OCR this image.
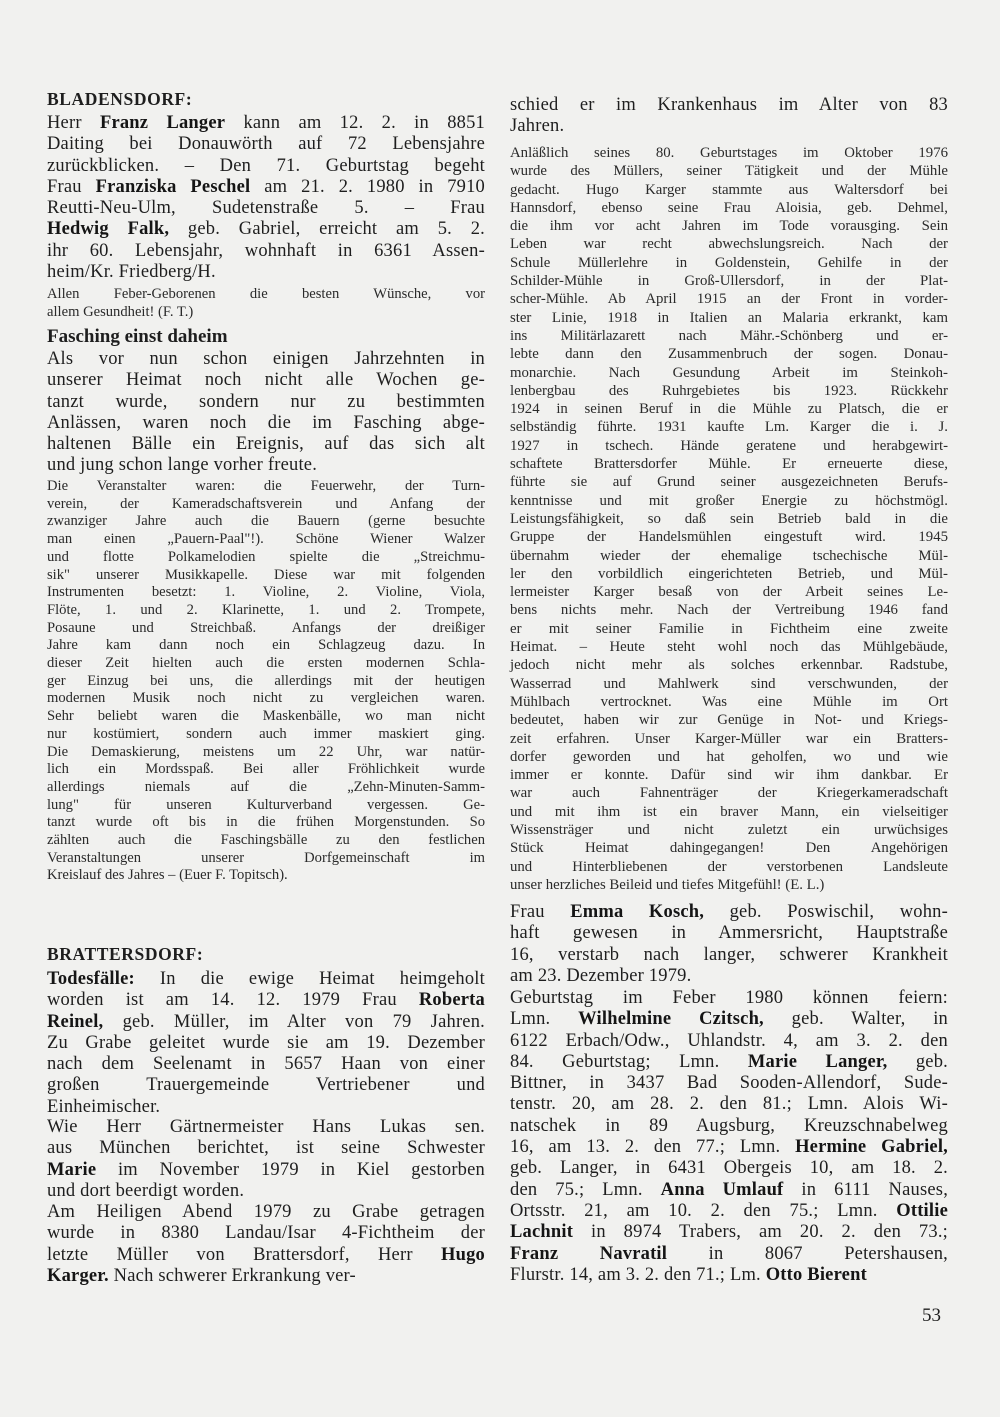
BLADENSDORF:
Herr Franz Langer kann am 12. 2. in 8851
Daiting bei Donauwörth auf 72 Lebensjahre
zurückblicken. – Den 71. Geburtstag begeht
Frau Franziska Peschel am 21. 2. 1980 in 7910
Reutti-Neu-Ulm, Sudetenstraße 5. – Frau
Hedwig Falk, geb. Gabriel, erreicht am 5. 2.
ihr 60. Lebensjahr, wohnhaft in 6361 Assen-
heim/Kr. Friedberg/H.
Allen Feber-Geborenen die besten Wünsche, vor
allem Gesundheit! (F. T.)
Fasching einst daheim
Als vor nun schon einigen Jahrzehnten in
unserer Heimat noch nicht alle Wochen ge-
tanzt wurde, sondern nur zu bestimmten
Anlässen, waren noch die im Fasching abge-
haltenen Bälle ein Ereignis, auf das sich alt
und jung schon lange vorher freute.
Die Veranstalter waren: die Feuerwehr, der Turn-
verein, der Kameradschaftsverein und Anfang der
zwanziger Jahre auch die Bauern (gerne besuchte
man einen „Pauern-Paal"!). Schöne Wiener Walzer
und flotte Polkamelodien spielte die „Streichmu-
sik" unserer Musikkapelle. Diese war mit folgenden
Instrumenten besetzt: 1. Violine, 2. Violine, Viola,
Flöte, 1. und 2. Klarinette, 1. und 2. Trompete,
Posaune und Streichbaß. Anfangs der dreißiger
Jahre kam dann noch ein Schlagzeug dazu. In
dieser Zeit hielten auch die ersten modernen Schla-
ger Einzug bei uns, die allerdings mit der heutigen
modernen Musik noch nicht zu vergleichen waren.
Sehr beliebt waren die Maskenbälle, wo man nicht
nur kostümiert, sondern auch immer maskiert ging.
Die Demaskierung, meistens um 22 Uhr, war natür-
lich ein Mordsspaß. Bei aller Fröhlichkeit wurde
allerdings niemals auf die „Zehn-Minuten-Samm-
lung" für unseren Kulturverband vergessen. Ge-
tanzt wurde oft bis in die frühen Morgenstunden. So
zählten auch die Faschingsbälle zu den festlichen
Veranstaltungen unserer Dorfgemeinschaft im
Kreislauf des Jahres – (Euer F. Topitsch).
BRATTERSDORF:
Todesfälle: In die ewige Heimat heimgeholt
worden ist am 14. 12. 1979 Frau Roberta
Reinel, geb. Müller, im Alter von 79 Jahren.
Zu Grabe geleitet wurde sie am 19. Dezember
nach dem Seelenamt in 5657 Haan von einer
großen Trauergemeinde Vertriebener und
Einheimischer.
Wie Herr Gärtnermeister Hans Lukas sen.
aus München berichtet, ist seine Schwester
Marie im November 1979 in Kiel gestorben
und dort beerdigt worden.
Am Heiligen Abend 1979 zu Grabe getragen
wurde in 8380 Landau/Isar 4-Fichtheim der
letzte Müller von Brattersdorf, Herr Hugo
Karger. Nach schwerer Erkrankung ver-
schied er im Krankenhaus im Alter von 83
Jahren.
Anläßlich seines 80. Geburtstages im Oktober 1976
wurde des Müllers, seiner Tätigkeit und der Mühle
gedacht. Hugo Karger stammte aus Waltersdorf bei
Hannsdorf, ebenso seine Frau Aloisia, geb. Dehmel,
die ihm vor acht Jahren im Tode vorausging. Sein
Leben war recht abwechslungsreich. Nach der
Schule Müllerlehre in Goldenstein, Gehilfe in der
Schilder-Mühle in Groß-Ullersdorf, in der Plat-
scher-Mühle. Ab April 1915 an der Front in vorder-
ster Linie, 1918 in Italien an Malaria erkrankt, kam
ins Militärlazarett nach Mähr.-Schönberg und er-
lebte dann den Zusammenbruch der sogen. Donau-
monarchie. Nach Gesundung Arbeit im Steinkoh-
lenbergbau des Ruhrgebietes bis 1923. Rückkehr
1924 in seinen Beruf in die Mühle zu Platsch, die er
selbständig führte. 1931 kaufte Lm. Karger die i. J.
1927 in tschech. Hände geratene und herabgewirt-
schaftete Brattersdorfer Mühle. Er erneuerte diese,
führte sie auf Grund seiner ausgezeichneten Berufs-
kenntnisse und mit großer Energie zu höchstmögl.
Leistungsfähigkeit, so daß sein Betrieb bald in die
Gruppe der Handelsmühlen eingestuft wird. 1945
übernahm wieder der ehemalige tschechische Mül-
ler den vorbildlich eingerichteten Betrieb, und Mül-
lermeister Karger besaß von der Arbeit seines Le-
bens nichts mehr. Nach der Vertreibung 1946 fand
er mit seiner Familie in Fichtheim eine zweite
Heimat. – Heute steht wohl noch das Mühlgebäude,
jedoch nicht mehr als solches erkennbar. Radstube,
Wasserrad und Mahlwerk sind verschwunden, der
Mühlbach vertrocknet. Was eine Mühle im Ort
bedeutet, haben wir zur Genüge in Not- und Kriegs-
zeit erfahren. Unser Karger-Müller war ein Bratters-
dorfer geworden und hat geholfen, wo und wie
immer er konnte. Dafür sind wir ihm dankbar. Er
war auch Fahnenträger der Kriegerkameradschaft
und mit ihm ist ein braver Mann, ein vielseitiger
Wissensträger und nicht zuletzt ein urwüchsiges
Stück Heimat dahingegangen! Den Angehörigen
und Hinterbliebenen der verstorbenen Landsleute
unser herzliches Beileid und tiefes Mitgefühl! (E. L.)
Frau Emma Kosch, geb. Poswischil, wohn-
haft gewesen in Ammersricht, Hauptstraße
16, verstarb nach langer, schwerer Krankheit
am 23. Dezember 1979.
Geburtstag im Feber 1980 können feiern:
Lmn. Wilhelmine Czitsch, geb. Walter, in
6122 Erbach/Odw., Uhlandstr. 4, am 3. 2. den
84. Geburtstag; Lmn. Marie Langer, geb.
Bittner, in 3437 Bad Sooden-Allendorf, Sude-
tenstr. 20, am 28. 2. den 81.; Lmn. Alois Wi-
natschek in 89 Augsburg, Kreuzschnabelweg
16, am 13. 2. den 77.; Lmn. Hermine Gabriel,
geb. Langer, in 6431 Obergeis 10, am 18. 2.
den 75.; Lmn. Anna Umlauf in 6111 Nauses,
Ortsstr. 21, am 10. 2. den 75.; Lmn. Ottilie
Lachnit in 8974 Trabers, am 20. 2. den 73.;
Franz Navratil in 8067 Petershausen,
Flurstr. 14, am 3. 2. den 71.; Lm. Otto Bierent
53
